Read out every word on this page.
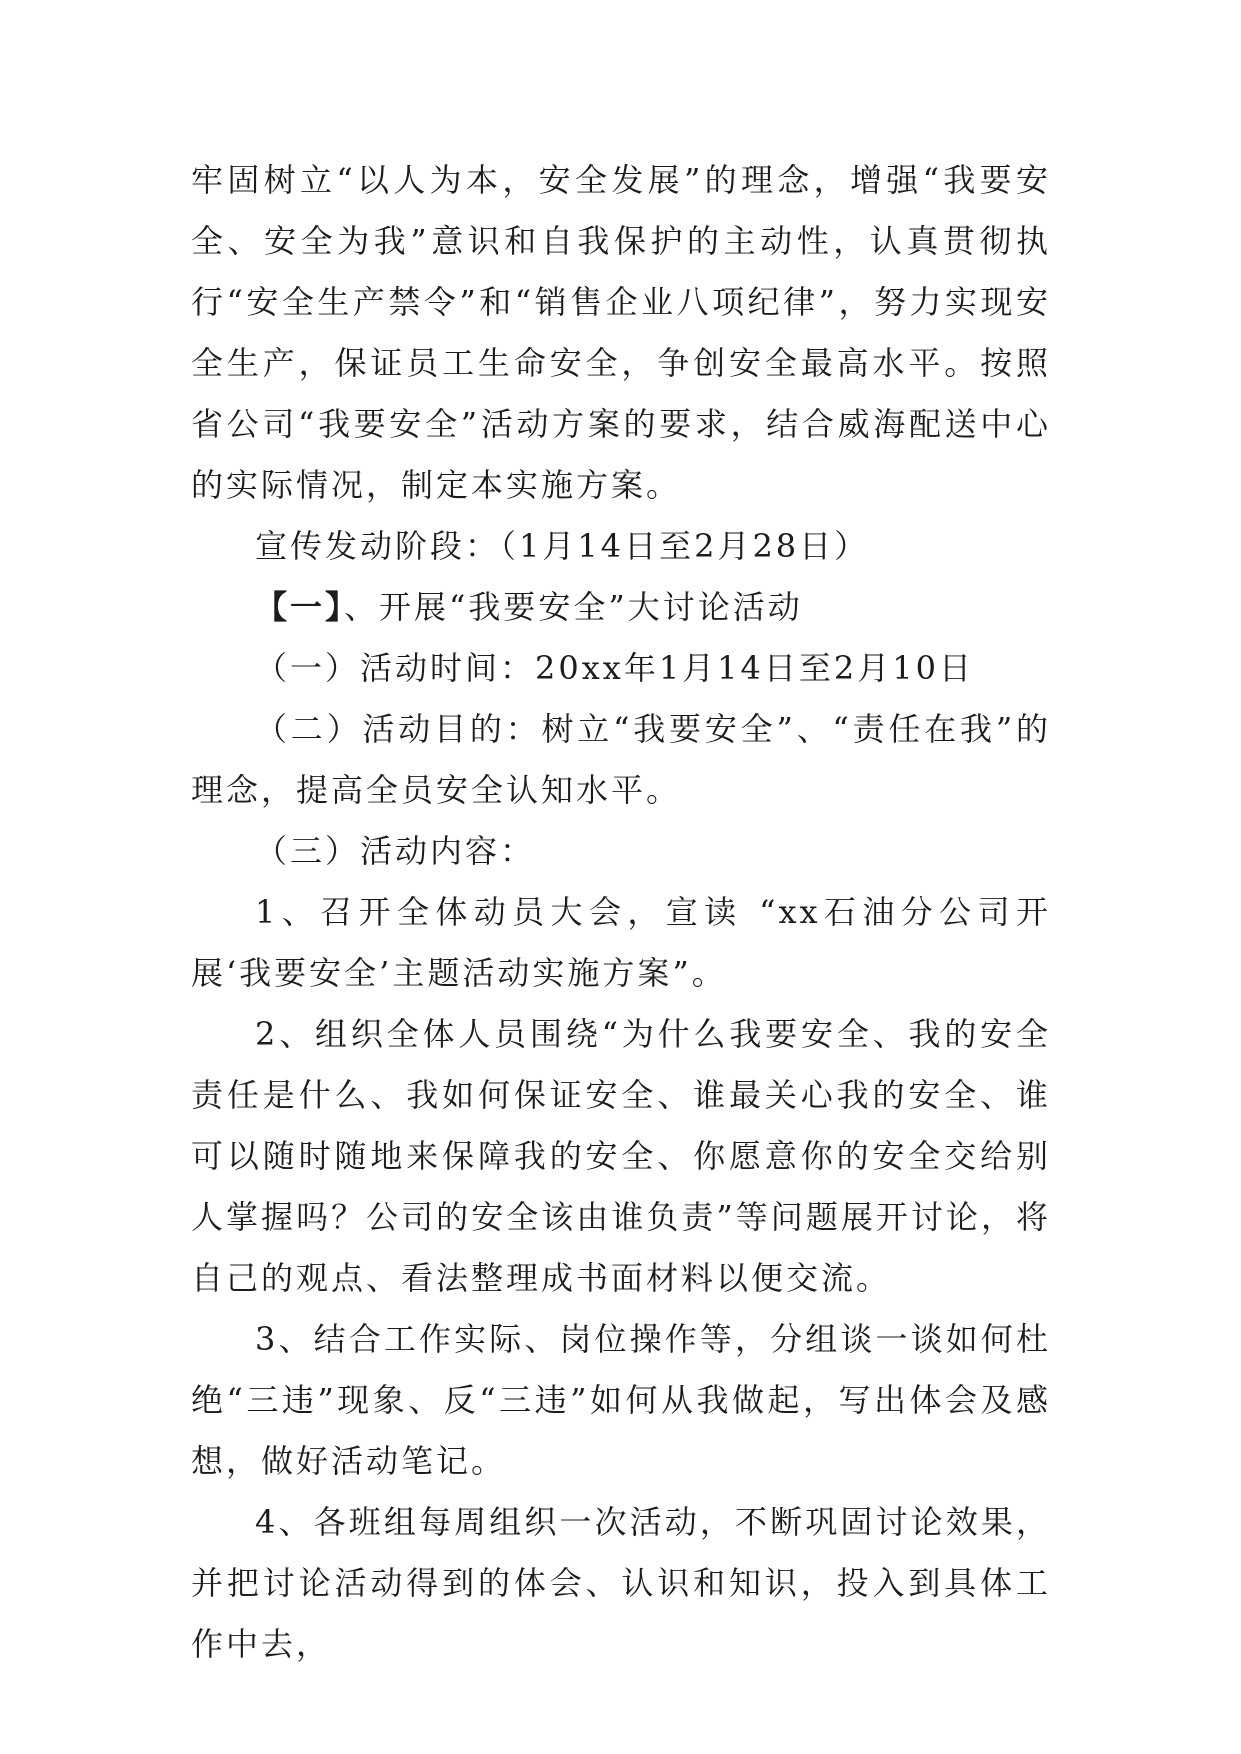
牢固树立“以人为本，安全发展”的理念，增强“我要安全、安全为我”意识和自我保护的主动性，认真贯彻执行“安全生产禁令”和“销售企业八项纪律”，努力实现安全生产，保证员工生命安全，争创安全最高水平。按照省公司“我要安全”活动方案的要求，结合威海配送中心的实际情况，制定本实施方案。

宣传发动阶段：（1月14日至2月28日）

【一】、开展“我要安全”大讨论活动

（一）活动时间：20xx年1月14日至2月10日

（二）活动目的：树立“我要安全”、“责任在我”的理念，提高全员安全认知水平。

（三）活动内容：

1、召开全体动员大会，宣读 “xx石油分公司开展‘我要安全’主题活动实施方案”。

2、组织全体人员围绕“为什么我要安全、我的安全责任是什么、我如何保证安全、谁最关心我的安全、谁可以随时随地来保障我的安全、你愿意你的安全交给别人掌握吗？公司的安全该由谁负责”等问题展开讨论，将自己的观点、看法整理成书面材料以便交流。

3、结合工作实际、岗位操作等，分组谈一谈如何杜绝“三违”现象、反“三违”如何从我做起，写出体会及感想，做好活动笔记。

4、各班组每周组织一次活动，不断巩固讨论效果，并把讨论活动得到的体会、认识和知识，投入到具体工作中去，
